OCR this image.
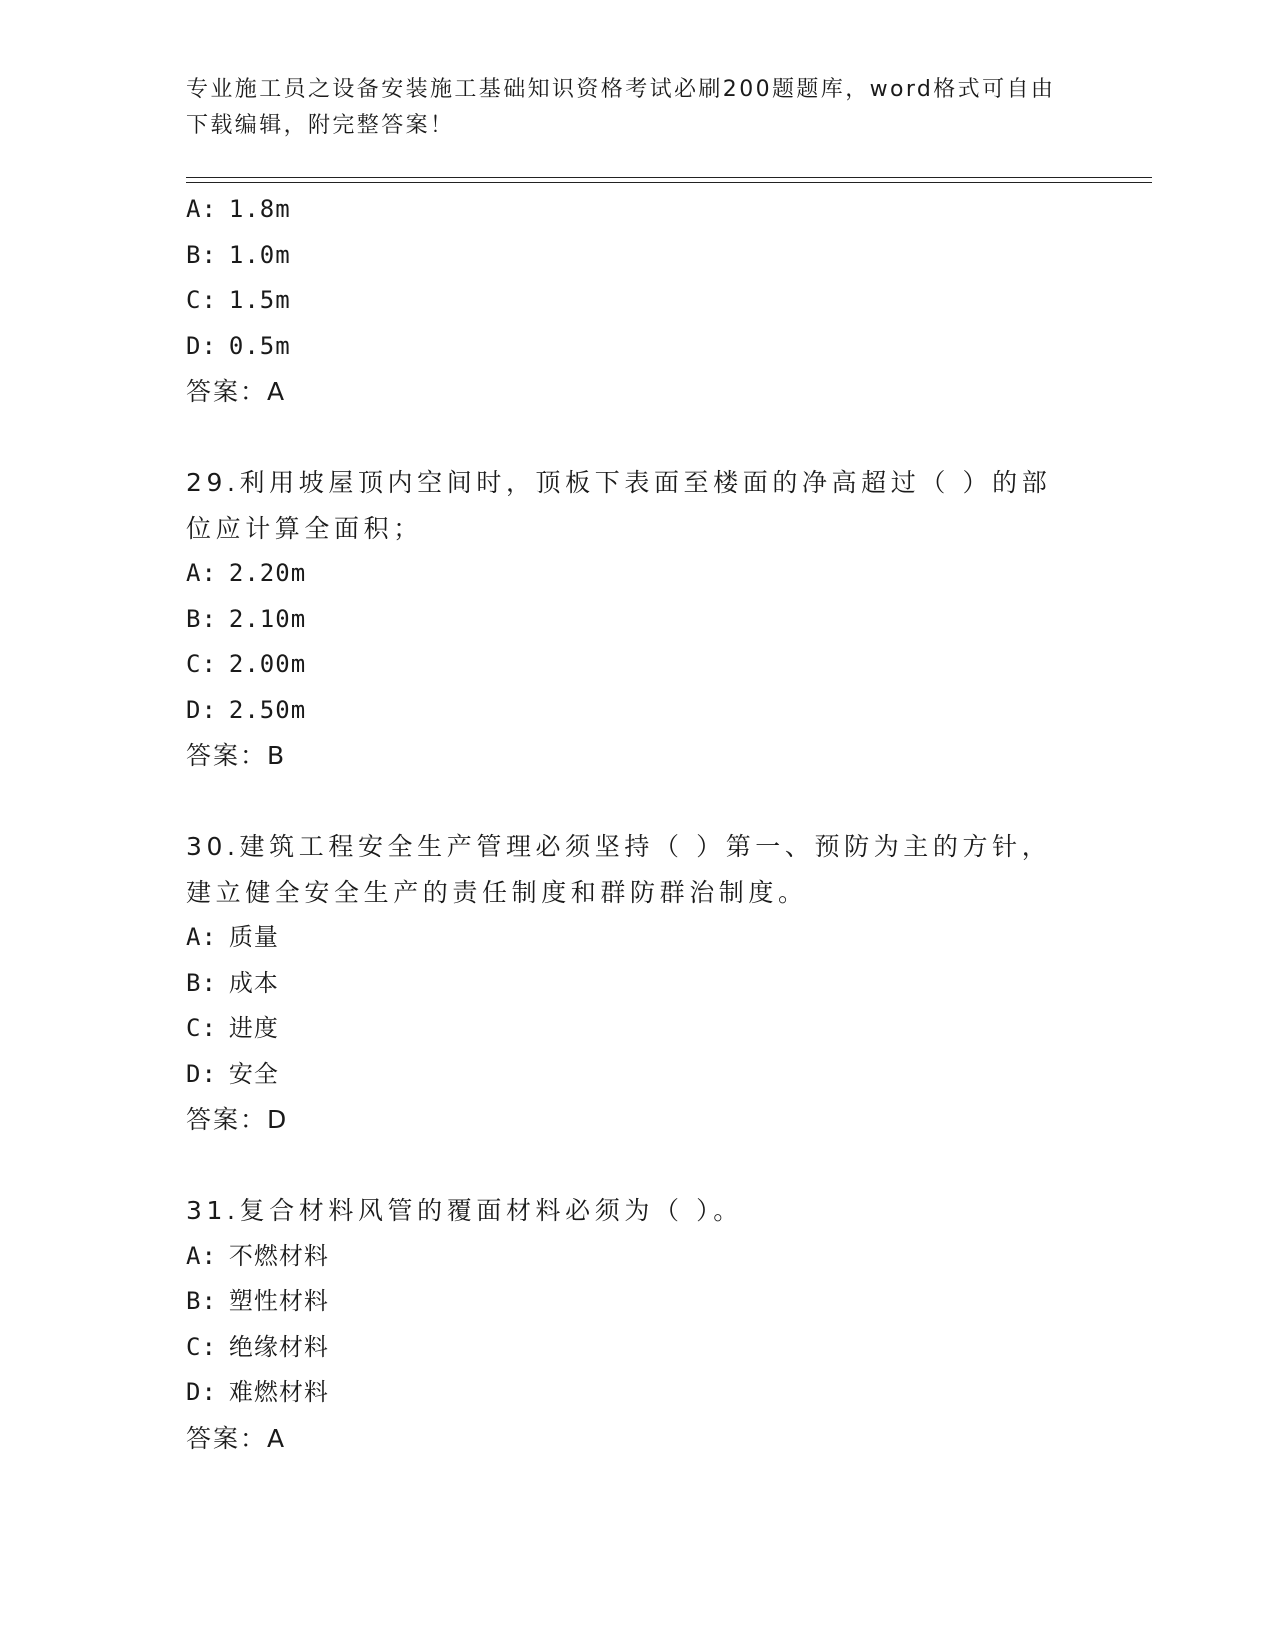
专业施工员之设备安装施工基础知识资格考试必刷200题题库，word格式可自由下载编辑，附完整答案！
A: 1.8m
B: 1.0m
C: 1.5m
D: 0.5m
答案：A
29.利用坡屋顶内空间时，顶板下表面至楼面的净高超过（ ）的部位应计算全面积；
A: 2.20m
B: 2.10m
C: 2.00m
D: 2.50m
答案：B
30.建筑工程安全生产管理必须坚持（ ）第一、预防为主的方针，建立健全安全生产的责任制度和群防群治制度。
A: 质量
B: 成本
C: 进度
D: 安全
答案：D
31.复合材料风管的覆面材料必须为（ ）。
A: 不燃材料
B: 塑性材料
C: 绝缘材料
D: 难燃材料
答案：A
